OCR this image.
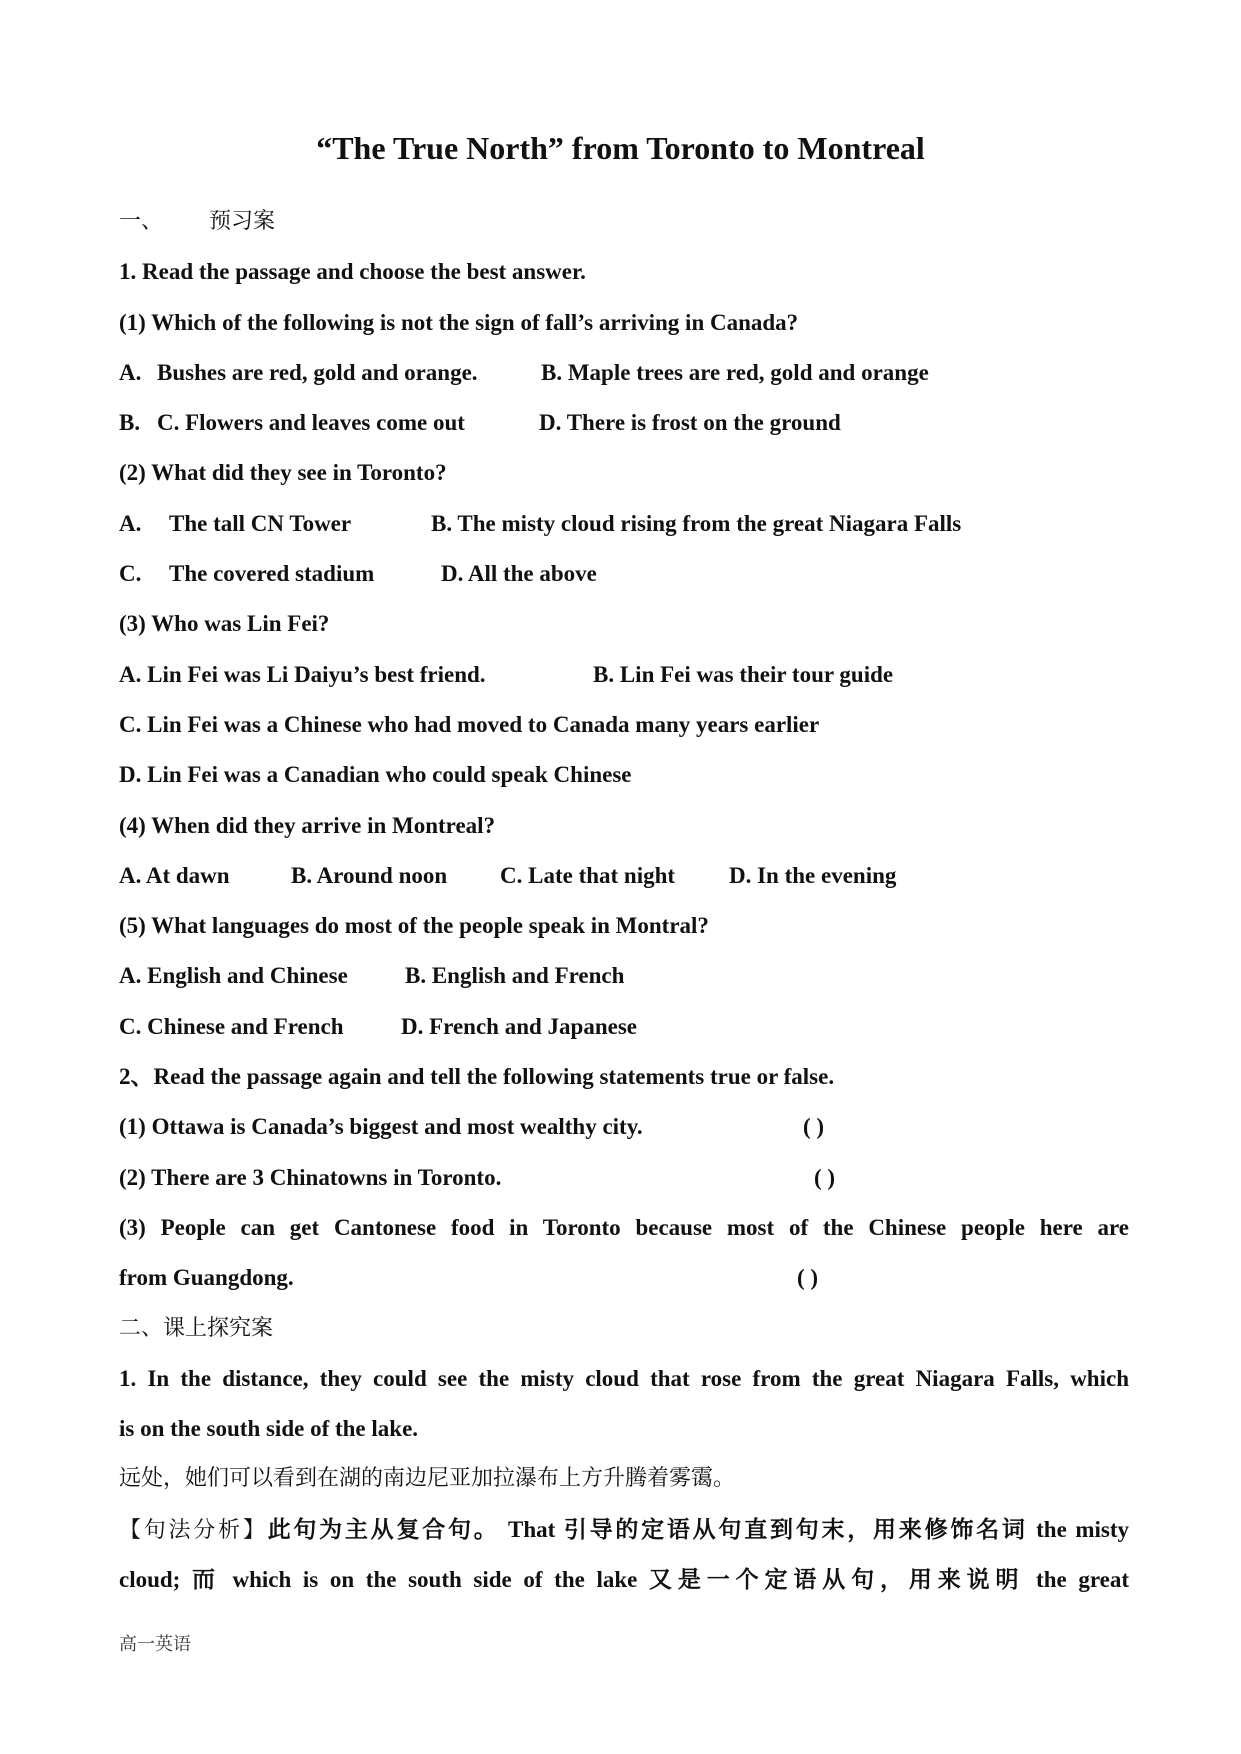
“The True North” from Toronto to Montreal
一、 预习案
1. Read the passage and choose the best answer.
(1) Which of the following is not the sign of fall’s arriving in Canada?
A. Bushes are red, gold and orange.	B. Maple trees are red, gold and orange
B. C. Flowers and leaves come out	D. There is frost on the ground
(2) What did they see in Toronto?
A. The tall CN Tower	B. The misty cloud rising from the great Niagara Falls
C. The covered stadium	D. All the above
(3) Who was Lin Fei?
A. Lin Fei was Li Daiyu’s best friend.	B. Lin Fei was their tour guide
C. Lin Fei was a Chinese who had moved to Canada many years earlier
D. Lin Fei was a Canadian who could speak Chinese
(4) When did they arrive in Montreal?
A. At dawn	B. Around noon C. Late that night D. In the evening
(5) What languages do most of the people speak in Montral?
A. English and Chinese B. English and French
C. Chinese and French	D. French and Japanese
2、Read the passage again and tell the following statements true or false.
(1) Ottawa is Canada’s biggest and most wealthy city.	( )
(2) There are 3 Chinatowns in Toronto.	( )
(3) People can get Cantonese food in Toronto because most of the Chinese people here are
from Guangdong.	( )
二、课上探究案
1. In the distance, they could see the misty cloud that rose from the great Niagara Falls, which
is on the south side of the lake.
远处，她们可以看到在湖的南边尼亚加拉瀑布上方升腾着雾霭。
【句法分析】此句为主从复合句。 That 引导的定语从句直到句末，用来修饰名词 the misty
cloud; 而 which is on the south side of the lake 又是一个定语从句，用来说明 the great
高一英语
